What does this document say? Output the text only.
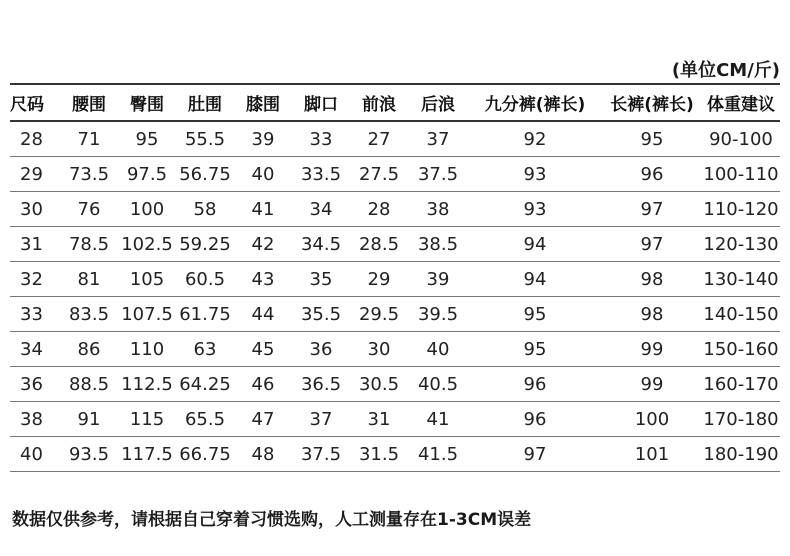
(单位CM/斤)
尺码	腰围	臀围	肚围	膝围	脚口	前浪	后浪	九分裤(裤长)	长裤(裤长)	体重建议
28	71	95	55.5	39	33	27	37	92	95	90-100
29	73.5	97.5	56.75	40	33.5	27.5	37.5	93	96	100-110
30	76	100	58	41	34	28	38	93	97	110-120
31	78.5	102.5	59.25	42	34.5	28.5	38.5	94	97	120-130
32	81	105	60.5	43	35	29	39	94	98	130-140
33	83.5	107.5	61.75	44	35.5	29.5	39.5	95	98	140-150
34	86	110	63	45	36	30	40	95	99	150-160
36	88.5	112.5	64.25	46	36.5	30.5	40.5	96	99	160-170
38	91	115	65.5	47	37	31	41	96	100	170-180
40	93.5	117.5	66.75	48	37.5	31.5	41.5	97	101	180-190
数据仅供参考，请根据自己穿着习惯选购，人工测量存在1-3CM误差
